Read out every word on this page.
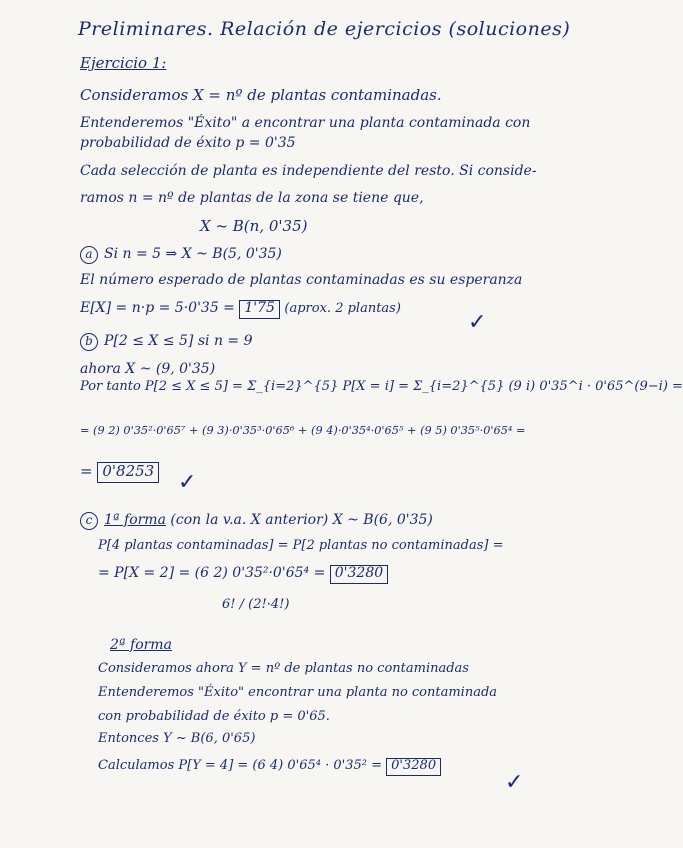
Preliminares. Relación de ejercicios (soluciones)
Ejercicio 1:
Consideramos X = nº de plantas contaminadas.
Entenderemos "Éxito" a encontrar una planta contaminada con
probabilidad de éxito p = 0'35
Cada selección de planta es independiente del resto. Si conside-
ramos n = nº de plantas de la zona se tiene que,
X ~ B(n, 0'35)
a Si n = 5 ⇒ X ~ B(5, 0'35)
El número esperado de plantas contaminadas es su esperanza
E[X] = n·p = 5·0'35 = 1'75 (aprox. 2 plantas)
✓
b P[2 ≤ X ≤ 5] si n = 9
ahora X ~ (9, 0'35)
Por tanto P[2 ≤ X ≤ 5] = Σ_{i=2}^{5} P[X = i] = Σ_{i=2}^{5} (9 i) 0'35^i · 0'65^(9−i) =
= (9 2) 0'35²·0'65⁷ + (9 3)·0'35³·0'65⁶ + (9 4)·0'35⁴·0'65⁵ + (9 5) 0'35⁵·0'65⁴ =
= 0'8253 ✓
c 1ª forma (con la v.a. X anterior) X ~ B(6, 0'35)
P[4 plantas contaminadas] = P[2 plantas no contaminadas] =
= P[X = 2] = (6 2) 0'35²·0'65⁴ = 0'3280
6! / (2!·4!)
2ª forma
Consideramos ahora Y = nº de plantas no contaminadas
Entenderemos "Éxito" encontrar una planta no contaminada
con probabilidad de éxito p = 0'65.
Entonces Y ~ B(6, 0'65)
Calculamos P[Y = 4] = (6 4) 0'65⁴ · 0'35² = 0'3280
✓
